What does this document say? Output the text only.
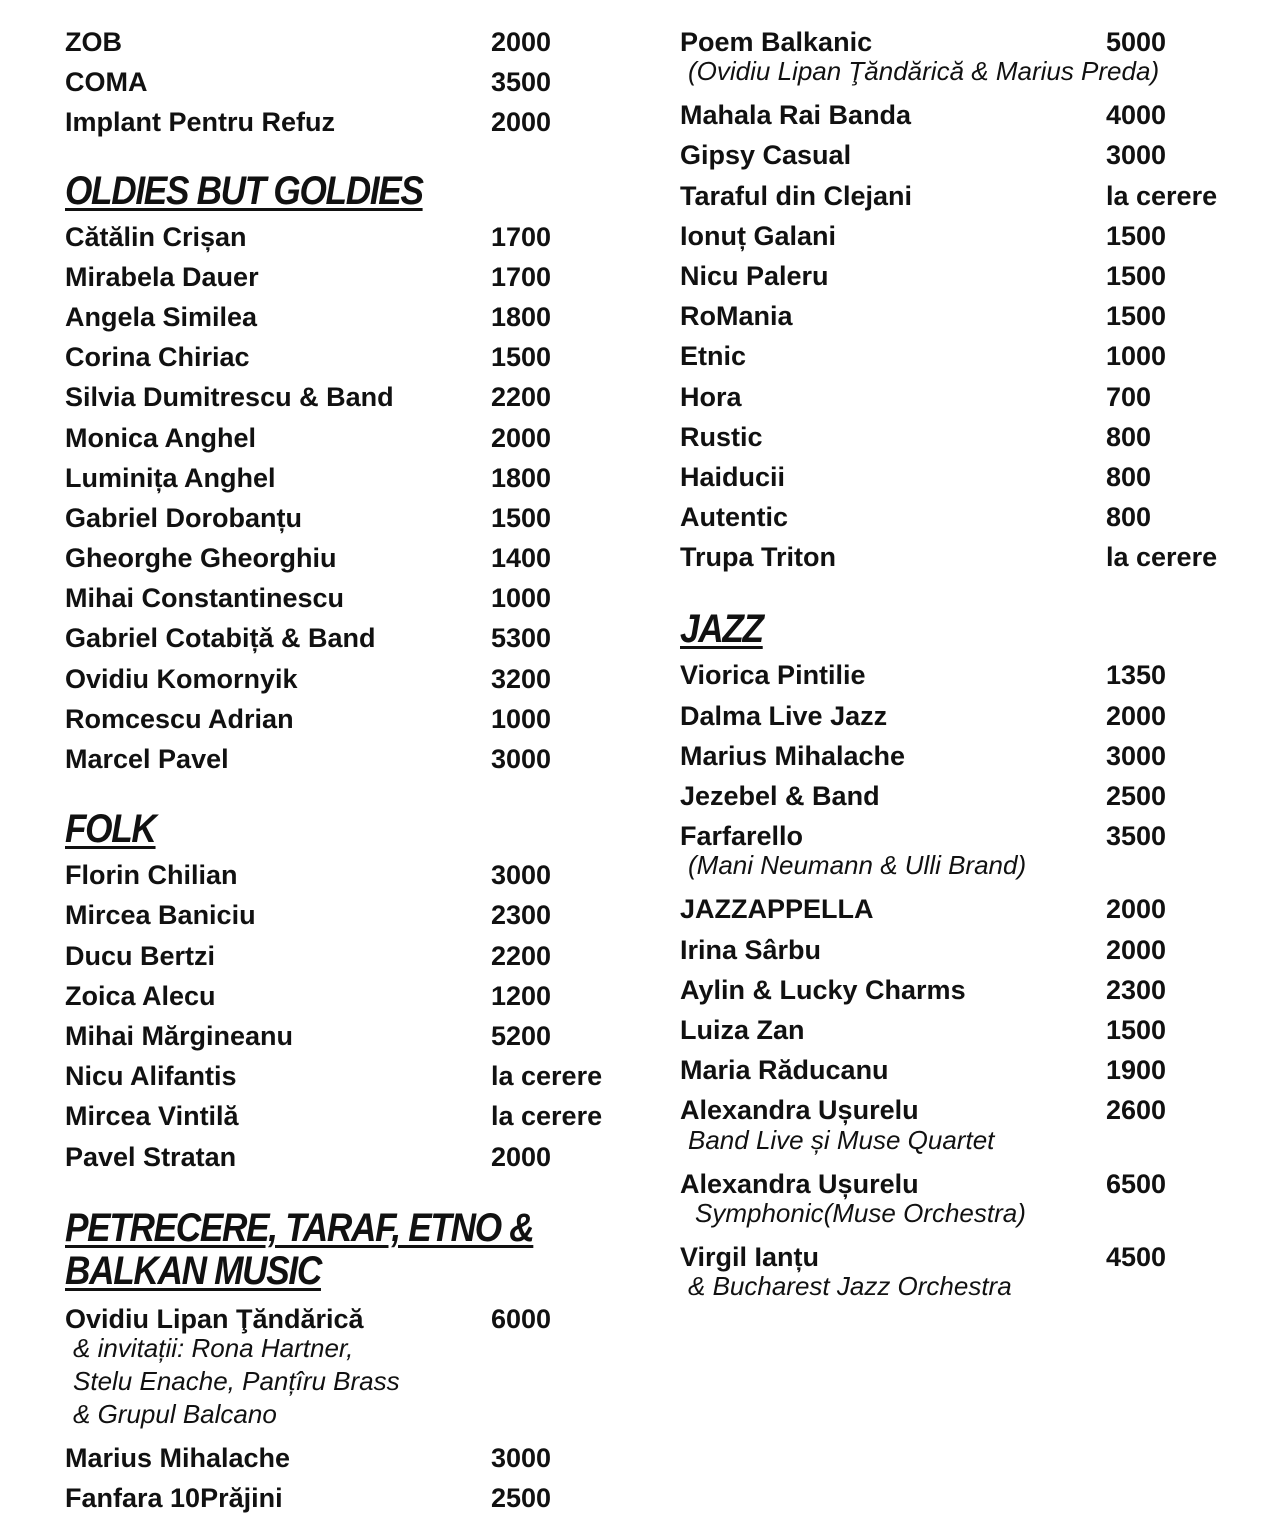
ZOB	2000
COMA	3500
Implant Pentru Refuz	2000
OLDIES BUT GOLDIES
Cătălin Crișan	1700
Mirabela Dauer	1700
Angela Similea	1800
Corina Chiriac	1500
Silvia Dumitrescu & Band	2200
Monica Anghel	2000
Luminița Anghel	1800
Gabriel Dorobanțu	1500
Gheorghe Gheorghiu	1400
Mihai Constantinescu	1000
Gabriel Cotabiță & Band	5300
Ovidiu Komornyik	3200
Romcescu Adrian	1000
Marcel Pavel	3000
FOLK
Florin Chilian	3000
Mircea Baniciu	2300
Ducu Bertzi	2200
Zoica Alecu	1200
Mihai Mărgineanu	5200
Nicu Alifantis	la cerere
Mircea Vintilă	la cerere
Pavel Stratan	2000
PETRECERE, TARAF, ETNO &
BALKAN MUSIC
Ovidiu Lipan Ţăndărică	6000
& invitații: Rona Hartner,
Stelu Enache, Panțîru Brass
& Grupul Balcano
Marius Mihalache	3000
Fanfara 10Prăjini	2500
Poem Balkanic	5000
(Ovidiu Lipan Ţăndărică & Marius Preda)
Mahala Rai Banda	4000
Gipsy Casual	3000
Taraful din Clejani	la cerere
Ionuț Galani	1500
Nicu Paleru	1500
RoMania	1500
Etnic	1000
Hora	700
Rustic	800
Haiducii	800
Autentic	800
Trupa Triton	la cerere
JAZZ
Viorica Pintilie	1350
Dalma Live Jazz	2000
Marius Mihalache	3000
Jezebel & Band	2500
Farfarello	3500
(Mani Neumann & Ulli Brand)
JAZZAPPELLA	2000
Irina Sârbu	2000
Aylin & Lucky Charms	2300
Luiza Zan	1500
Maria Răducanu	1900
Alexandra Ușurelu	2600
Band Live și Muse Quartet
Alexandra Ușurelu	6500
Symphonic(Muse Orchestra)
Virgil Ianțu	4500
& Bucharest Jazz Orchestra
